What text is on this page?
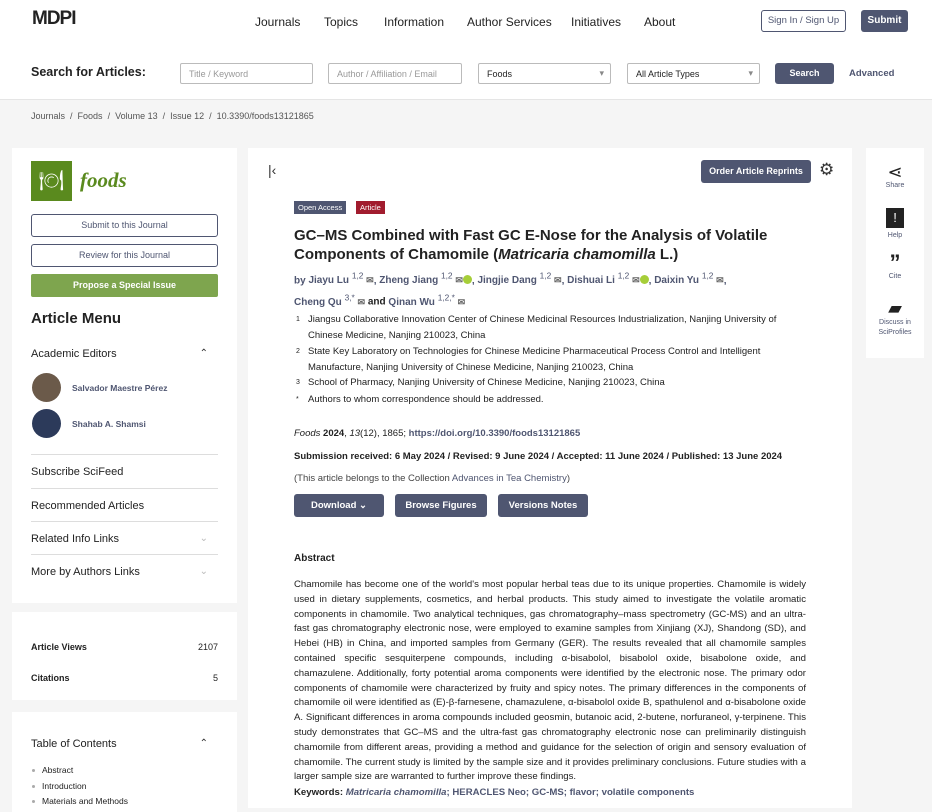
MDPI	Journals Topics Information Author Services Initiatives About	Sign In / Sign Up	Submit
Search for Articles:	Title / Keyword	Author / Affiliation / Email	Foods ▾	All Article Types ▾	Search	Advanced
Journals  /  Foods  /  Volume 13  /  Issue 12  /  10.3390/foods13121865
🍽 foods
Submit to this Journal
Review for this Journal
Propose a Special Issue
Article Menu
Academic Editors	⌃
Salvador Maestre Pérez
Shahab A. Shamsi
Subscribe SciFeed
Recommended Articles
Related Info Links	⌄
More by Authors Links	⌄
Article Views	2107
Citations	5
Table of Contents	⌃
Abstract
Introduction
Materials and Methods
|‹	Order Article Reprints ⚙
Open Access	Article
GC–MS Combined with Fast GC E-Nose for the Analysis of Volatile Components of Chamomile (Matricaria chamomilla L.)
by Jiayu Lu $^{1,2}$ ✉, Zheng Jiang $^{1,2}$ ✉ , Jingjie Dang $^{1,2}$ ✉, Dishuai Li $^{1,2}$ ✉ , Daixin Yu $^{1,2}$ ✉, Cheng Qu $^{3,*}$ ✉ and Qinan Wu $^{1,2,*}$ ✉
1 Jiangsu Collaborative Innovation Center of Chinese Medicinal Resources Industrialization, Nanjing University of Chinese Medicine, Nanjing 210023, China
2 State Key Laboratory on Technologies for Chinese Medicine Pharmaceutical Process Control and Intelligent Manufacture, Nanjing University of Chinese Medicine, Nanjing 210023, China
3 School of Pharmacy, Nanjing University of Chinese Medicine, Nanjing 210023, China
* Authors to whom correspondence should be addressed.
Foods 2024, 13(12), 1865; https://doi.org/10.3390/foods13121865
Submission received: 6 May 2024 / Revised: 9 June 2024 / Accepted: 11 June 2024 / Published: 13 June 2024
(This article belongs to the Collection Advances in Tea Chemistry)
Download ⌄	Browse Figures	Versions Notes
Abstract
Chamomile has become one of the world's most popular herbal teas due to its unique properties. Chamomile is widely used in dietary supplements, cosmetics, and herbal products. This study aimed to investigate the volatile aromatic components in chamomile. Two analytical techniques, gas chromatography–mass spectrometry (GC-MS) and an ultra-fast gas chromatography electronic nose, were employed to examine samples from Xinjiang (XJ), Shandong (SD), and Hebei (HB) in China, and imported samples from Germany (GER). The results revealed that all chamomile samples contained specific sesquiterpene compounds, including α-bisabolol, bisabolol oxide, bisabolone oxide, and chamazulene. Additionally, forty potential aroma components were identified by the electronic nose. The primary odor components of chamomile were characterized by fruity and spicy notes. The primary differences in the components of chamomile oil were identified as (E)-β-farnesene, chamazulene, α-bisabolol oxide B, spathulenol and α-bisabolone oxide A. Significant differences in aroma compounds included geosmin, butanoic acid, 2-butene, norfuraneol, γ-terpinene. This study demonstrates that GC–MS and the ultra-fast gas chromatography electronic nose can preliminarily distinguish chamomile from different areas, providing a method and guidance for the selection of origin and sensory evaluation of chamomile. The current study is limited by the sample size and it provides preliminary conclusions. Future studies with a larger sample size are warranted to further improve these findings.
Keywords: Matricaria chamomilla; HERACLES Neo; GC-MS; flavor; volatile components
⋖
Share
!
Help
”
Cite
▰
Discuss in SciProfiles
